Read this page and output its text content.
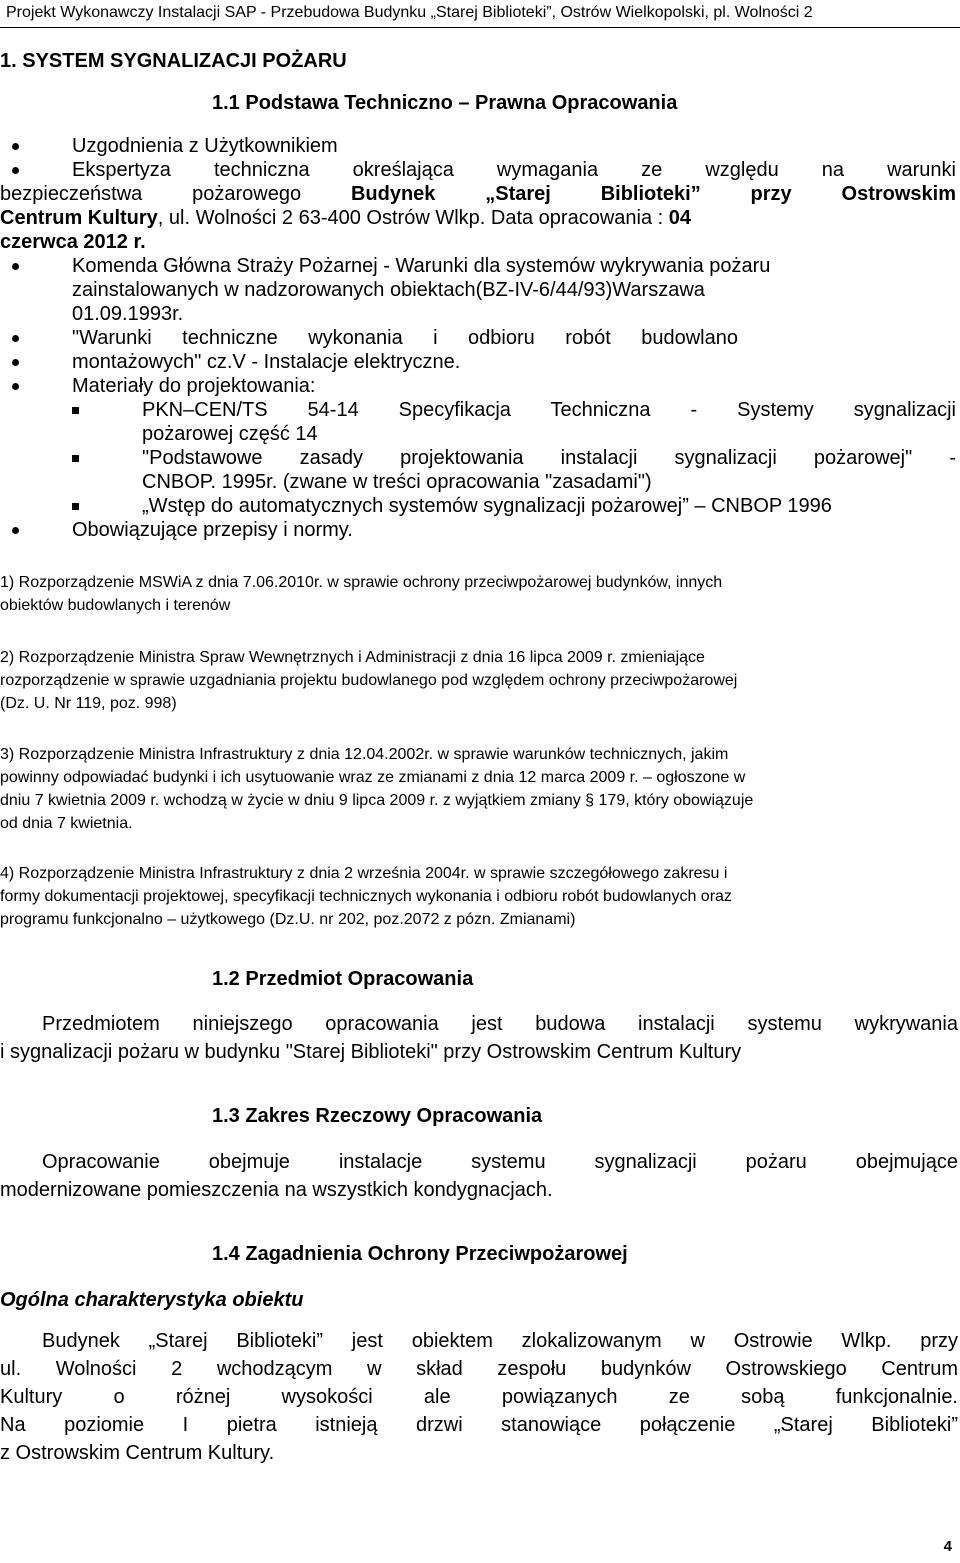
Projekt Wykonawczy Instalacji SAP - Przebudowa Budynku „Starej Biblioteki”, Ostrów Wielkopolski, pl. Wolności 2
1. SYSTEM SYGNALIZACJI POŻARU
1.1 Podstawa Techniczno – Prawna Opracowania
Uzgodnienia z Użytkownikiem
Ekspertyza techniczna określająca wymagania ze względu na warunki
bezpieczeństwa pożarowego Budynek „Starej Biblioteki” przy Ostrowskim
Centrum Kultury, ul. Wolności 2 63-400 Ostrów Wlkp. Data opracowania : 04
czerwca 2012 r.
Komenda Główna Straży Pożarnej - Warunki dla systemów wykrywania pożaru
zainstalowanych w nadzorowanych obiektach(BZ-IV-6/44/93)Warszawa
01.09.1993r.
"Warunki techniczne wykonania i odbioru robót budowlano
montażowych" cz.V - Instalacje elektryczne.
Materiały do projektowania:
PKN–CEN/TS 54-14 Specyfikacja Techniczna - Systemy sygnalizacji
pożarowej część 14
"Podstawowe zasady projektowania instalacji sygnalizacji pożarowej" -
CNBOP. 1995r. (zwane w treści opracowania "zasadami")
„Wstęp do automatycznych systemów sygnalizacji pożarowej” – CNBOP 1996
Obowiązujące przepisy i normy.
1) Rozporządzenie MSWiA z dnia 7.06.2010r. w sprawie ochrony przeciwpożarowej budynków, innych
obiektów budowlanych i terenów
2) Rozporządzenie Ministra Spraw Wewnętrznych i Administracji z dnia 16 lipca 2009 r. zmieniające
rozporządzenie w sprawie uzgadniania projektu budowlanego pod względem ochrony przeciwpożarowej
(Dz. U. Nr 119, poz. 998)
3) Rozporządzenie Ministra Infrastruktury z dnia 12.04.2002r. w sprawie warunków technicznych, jakim
powinny odpowiadać budynki i ich usytuowanie wraz ze zmianami z dnia 12 marca 2009 r. – ogłoszone w
dniu 7 kwietnia 2009 r. wchodzą w życie w dniu 9 lipca 2009 r. z wyjątkiem zmiany § 179, który obowiązuje
od dnia 7 kwietnia.
4) Rozporządzenie Ministra Infrastruktury z dnia 2 września 2004r. w sprawie szczegółowego zakresu i
formy dokumentacji projektowej, specyfikacji technicznych wykonania i odbioru robót budowlanych oraz
programu funkcjonalno – użytkowego (Dz.U. nr 202, poz.2072 z pózn. Zmianami)
1.2 Przedmiot Opracowania
Przedmiotem niniejszego opracowania jest budowa instalacji systemu wykrywania
i sygnalizacji pożaru w budynku "Starej Biblioteki" przy Ostrowskim Centrum Kultury
1.3 Zakres Rzeczowy Opracowania
Opracowanie obejmuje instalacje systemu sygnalizacji pożaru obejmujące
modernizowane pomieszczenia na wszystkich kondygnacjach.
1.4 Zagadnienia Ochrony Przeciwpożarowej
Ogólna charakterystyka obiektu
Budynek „Starej Biblioteki” jest obiektem zlokalizowanym w Ostrowie Wlkp. przy
ul. Wolności 2 wchodzącym w skład zespołu budynków Ostrowskiego Centrum
Kultury o różnej wysokości ale powiązanych ze sobą funkcjonalnie.
Na poziomie I pietra istnieją drzwi stanowiące połączenie „Starej Biblioteki”
z Ostrowskim Centrum Kultury.
4
